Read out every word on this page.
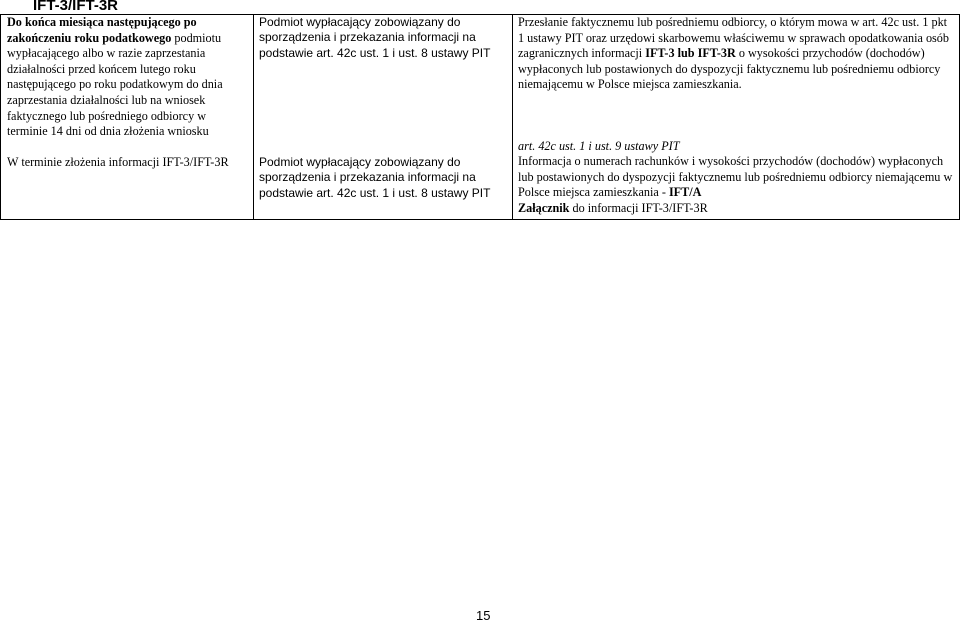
IFT-3/IFT-3R
Do końca miesiąca następującego po zakończeniu roku podatkowego podmiotu wypłacającego albo w razie zaprzestania działalności przed końcem lutego roku następującego po roku podatkowym do dnia zaprzestania działalności lub na wniosek faktycznego lub pośredniego odbiorcy w terminie 14 dni od dnia złożenia wniosku
W terminie złożenia informacji IFT-3/IFT-3R
Podmiot wypłacający zobowiązany do sporządzenia i przekazania informacji na podstawie art. 42c ust. 1 i ust. 8 ustawy PIT
Podmiot wypłacający zobowiązany do sporządzenia i przekazania informacji na podstawie art. 42c ust. 1 i ust. 8 ustawy PIT
Przesłanie faktycznemu lub pośredniemu odbiorcy, o którym mowa w art. 42c ust. 1 pkt 1 ustawy PIT oraz urzędowi skarbowemu właściwemu w sprawach opodatkowania osób zagranicznych informacji IFT-3 lub IFT-3R o wysokości przychodów (dochodów) wypłaconych lub postawionych do dyspozycji faktycznemu lub pośredniemu odbiorcy niemającemu w Polsce miejsca zamieszkania.
art. 42c ust. 1 i ust. 9 ustawy PIT
Informacja o numerach rachunków i wysokości przychodów (dochodów) wypłaconych lub postawionych do dyspozycji faktycznemu lub pośredniemu odbiorcy niemającemu w Polsce miejsca zamieszkania - IFT/A
Załącznik do informacji IFT-3/IFT-3R
15
